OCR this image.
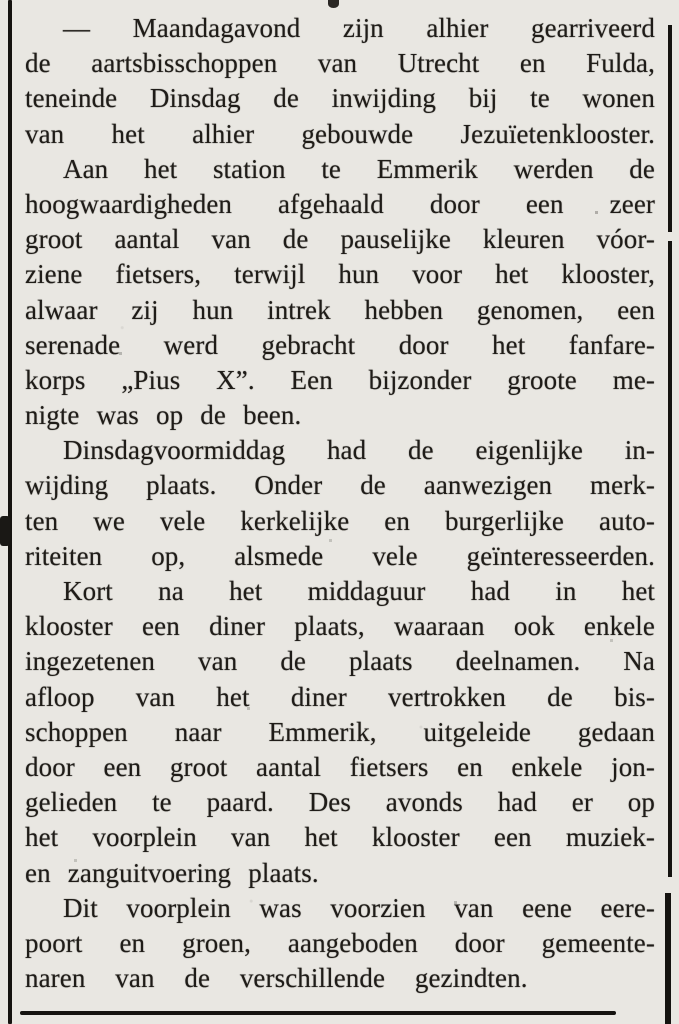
— Maandagavond zijn alhier gearriveerd
de aartsbisschoppen van Utrecht en Fulda,
teneinde Dinsdag de inwijding bij te wonen
van het alhier gebouwde Jezuïetenklooster.
Aan het station te Emmerik werden de
hoogwaardigheden afgehaald door een zeer
groot aantal van de pauselijke kleuren vóor-
ziene fietsers, terwijl hun voor het klooster,
alwaar zij hun intrek hebben genomen, een
serenade werd gebracht door het fanfare-
korps „Pius X”. Een bijzonder groote me-
nigte was op de been.
Dinsdagvoormiddag had de eigenlijke in-
wijding plaats. Onder de aanwezigen merk-
ten we vele kerkelijke en burgerlijke auto-
riteiten op, alsmede vele geïnteresseerden.
Kort na het middaguur had in het
klooster een diner plaats, waaraan ook enkele
ingezetenen van de plaats deelnamen. Na
afloop van het diner vertrokken de bis-
schoppen naar Emmerik, uitgeleide gedaan
door een groot aantal fietsers en enkele jon-
gelieden te paard. Des avonds had er op
het voorplein van het klooster een muziek-
en zanguitvoering plaats.
Dit voorplein was voorzien van eene eere-
poort en groen, aangeboden door gemeente-
naren van de verschillende gezindten.
